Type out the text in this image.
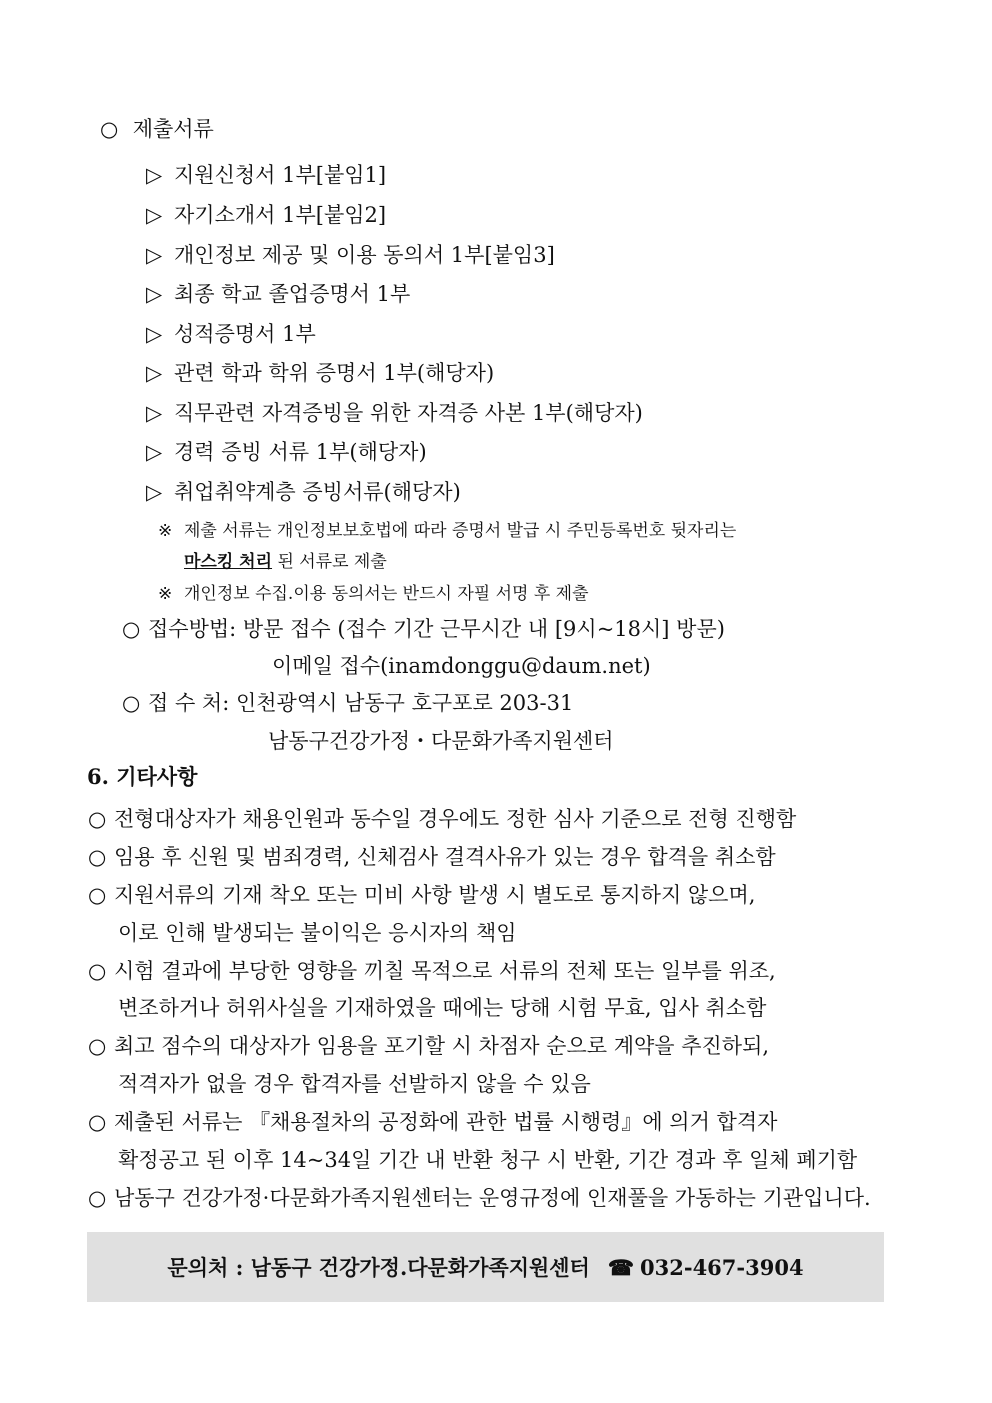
○ 제출서류
▷ 지원신청서 1부[붙임1]
▷ 자기소개서 1부[붙임2]
▷ 개인정보 제공 및 이용 동의서 1부[붙임3]
▷ 최종 학교 졸업증명서 1부
▷ 성적증명서 1부
▷ 관련 학과 학위 증명서 1부(해당자)
▷ 직무관련 자격증빙을 위한 자격증 사본 1부(해당자)
▷ 경력 증빙 서류 1부(해당자)
▷ 취업취약계층 증빙서류(해당자)
※ 제출 서류는 개인정보보호법에 따라 증명서 발급 시 주민등록번호 뒷자리는
마스킹 처리 된 서류로 제출
※ 개인정보 수집.이용 동의서는 반드시 자필 서명 후 제출
○ 접수방법: 방문 접수 (접수 기간 근무시간 내 [9시~18시] 방문)
이메일 접수(inamdonggu@daum.net)
○ 접 수 처: 인천광역시 남동구 호구포로 203-31
남동구건강가정・다문화가족지원센터
6. 기타사항
○ 전형대상자가 채용인원과 동수일 경우에도 정한 심사 기준으로 전형 진행함
○ 임용 후 신원 및 범죄경력, 신체검사 결격사유가 있는 경우 합격을 취소함
○ 지원서류의 기재 착오 또는 미비 사항 발생 시 별도로 통지하지 않으며,
이로 인해 발생되는 불이익은 응시자의 책임
○ 시험 결과에 부당한 영향을 끼칠 목적으로 서류의 전체 또는 일부를 위조,
변조하거나 허위사실을 기재하였을 때에는 당해 시험 무효, 입사 취소함
○ 최고 점수의 대상자가 임용을 포기할 시 차점자 순으로 계약을 추진하되,
적격자가 없을 경우 합격자를 선발하지 않을 수 있음
○ 제출된 서류는 『채용절차의 공정화에 관한 법률 시행령』에 의거 합격자
확정공고 된 이후 14~34일 기간 내 반환 청구 시 반환, 기간 경과 후 일체 폐기함
○ 남동구 건강가정·다문화가족지원센터는 운영규정에 인재풀을 가동하는 기관입니다.
문의처 : 남동구 건강가정.다문화가족지원센터 ☎ 032-467-3904
